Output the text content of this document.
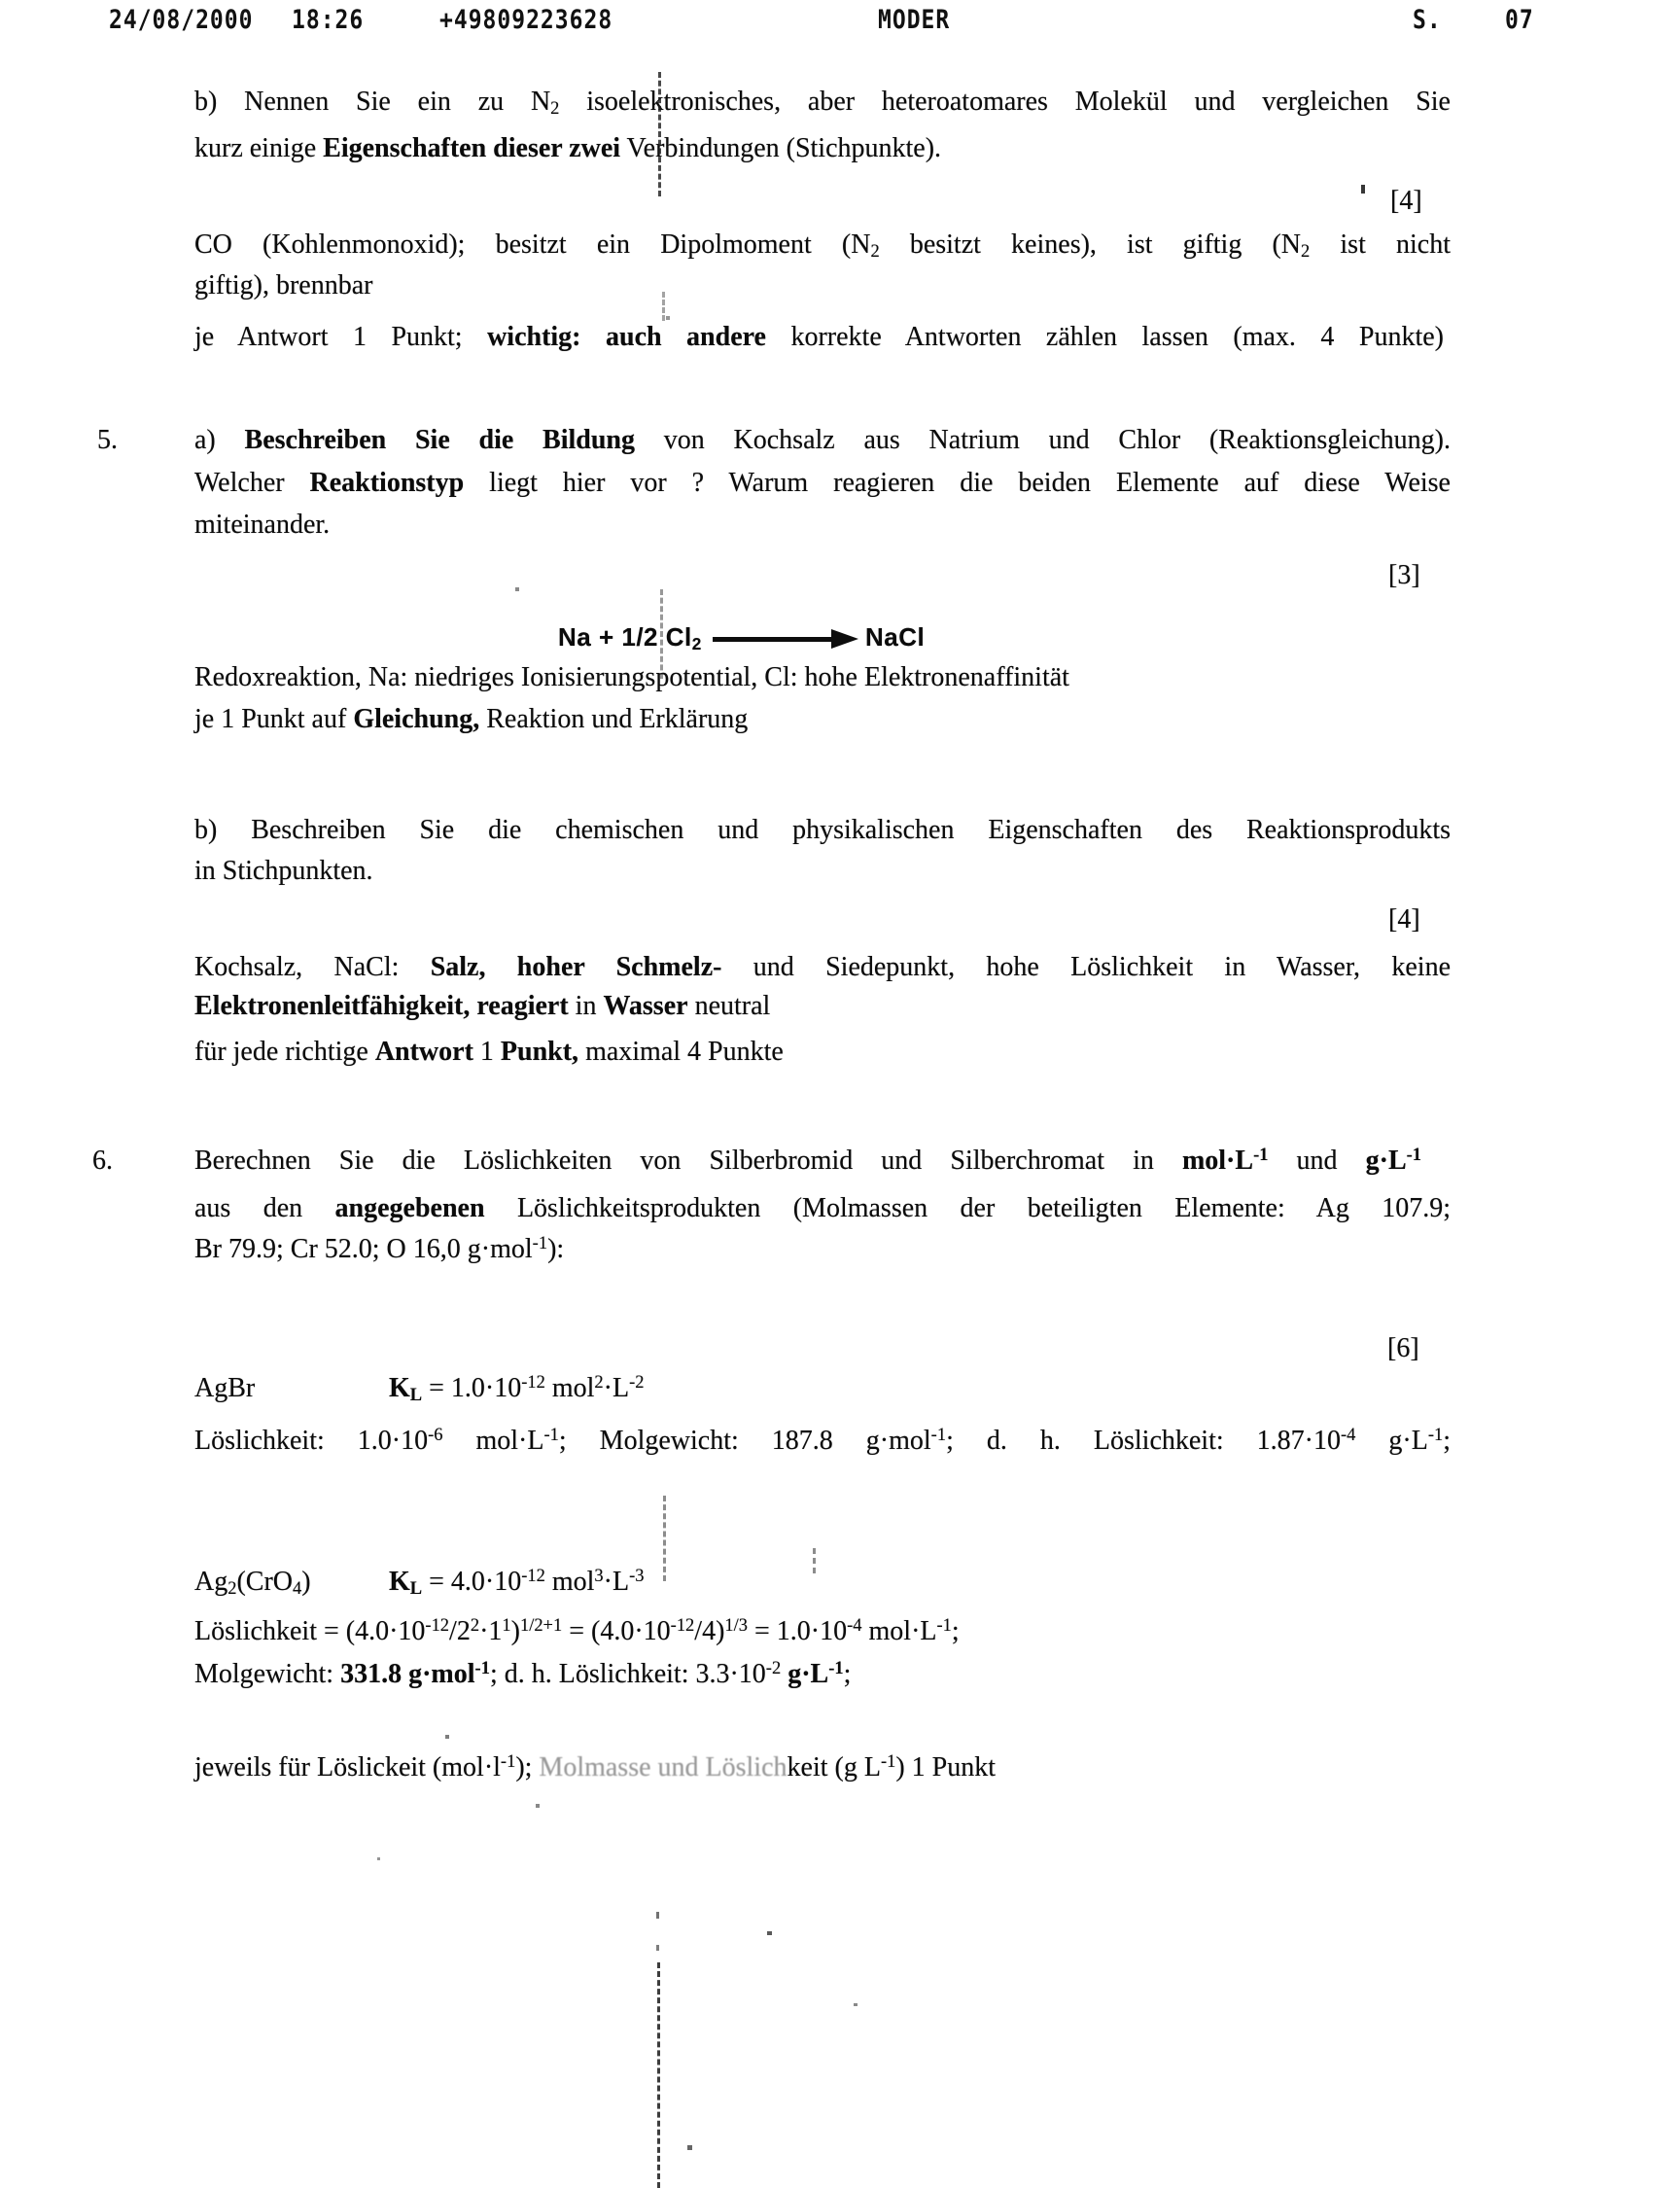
24/08/2000 18:26	+49809223628	MODER	S.	07
b) Nennen Sie ein zu N2 isoelektronisches, aber heteroatomares Molekül und vergleichen Sie
kurz einige Eigenschaften dieser zwei Verbindungen (Stichpunkte).
[4]
CO (Kohlenmonoxid); besitzt ein Dipolmoment (N2 besitzt keines), ist giftig (N2 ist nicht
giftig), brennbar
je Antwort 1 Punkt; wichtig: auch andere korrekte Antworten zählen lassen (max. 4 Punkte)
5.	a) Beschreiben Sie die Bildung von Kochsalz aus Natrium und Chlor (Reaktionsgleichung).
Welcher Reaktionstyp liegt hier vor ? Warum reagieren die beiden Elemente auf diese Weise
miteinander.
[3]
Na + 1/2 Cl2	NaCl
Redoxreaktion, Na: niedriges Ionisierungspotential, Cl: hohe Elektronenaffinität
je 1 Punkt auf Gleichung, Reaktion und Erklärung
b) Beschreiben Sie die chemischen und physikalischen Eigenschaften des Reaktionsprodukts
in Stichpunkten.
[4]
Kochsalz, NaCl: Salz, hoher Schmelz- und Siedepunkt, hohe Löslichkeit in Wasser, keine
Elektronenleitfähigkeit, reagiert in Wasser neutral
für jede richtige Antwort 1 Punkt, maximal 4 Punkte
6.	Berechnen Sie die Löslichkeiten von Silberbromid und Silberchromat in $mol\cdot L^{-1}$ und $g\cdot L^{-1}$
aus den angegebenen Löslichkeitsprodukten (Molmassen der beteiligten Elemente: Ag 107.9;
Br 79.9; Cr 52.0; O 16,0 g·mol$^{-1}$):
[6]
AgBr	KL = $1.0\cdot 10^{-12}$ $mol^2\cdot L^{-2}$
Löslichkeit: $1.0\cdot 10^{-6}$ $mol\cdot L^{-1}$; Molgewicht: 187.8 g·mol$^{-1}$; d. h. Löslichkeit: $1.87\cdot 10^{-4}$ $g\cdot L^{-1}$;
Ag2(CrO4)	KL = $4.0\cdot 10^{-12}$ $mol^3\cdot L^{-3}$
Löslichkeit = $(4.0\cdot 10^{-12}/2^2\cdot 1^1)^{1/2+1} = (4.0\cdot 10^{-12}/4)^{1/3} = 1.0\cdot 10^{-4}$ $mol\cdot L^{-1}$;
Molgewicht: 331.8 g·mol$^{-1}$; d. h. Löslichkeit: $3.3\cdot 10^{-2}$ $g\cdot L^{-1}$;
jeweils für Löslickeit $(mol\cdot l^{-1})$; Molmasse und Löslichkeit (g $L^{-1}$) 1 Punkt
